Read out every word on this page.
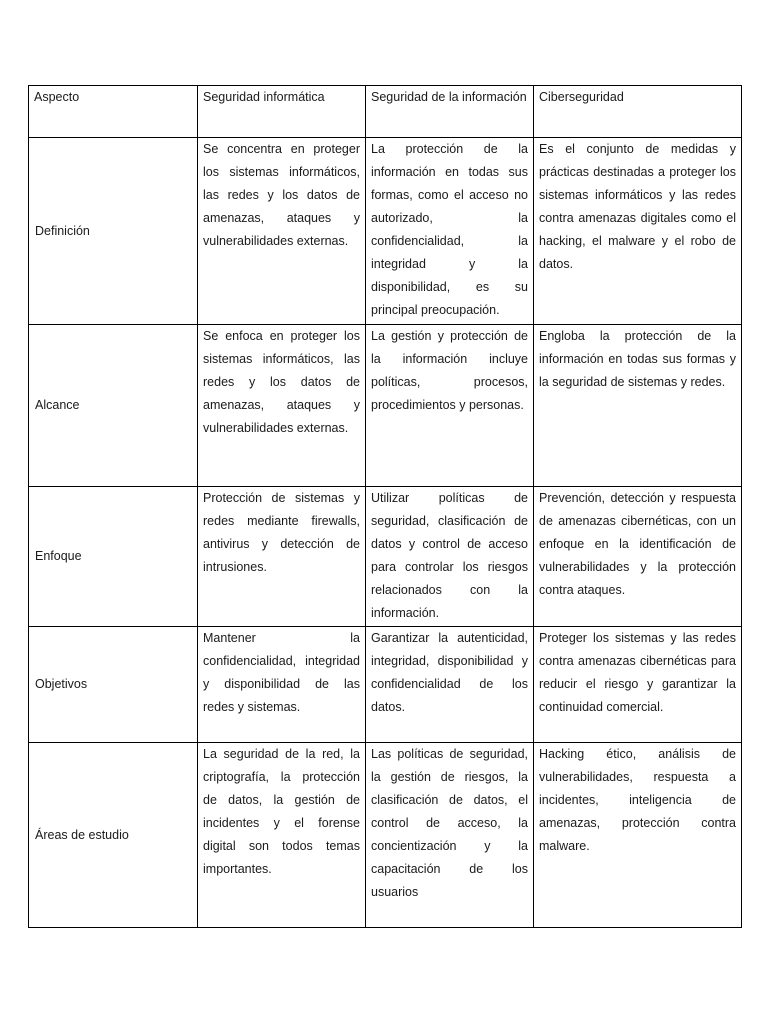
Aspecto	Seguridad informática	Seguridad de la información	Ciberseguridad
Definición	Se concentra en proteger los sistemas informáticos, las redes y los datos de amenazas, ataques y vulnerabilidades externas.	La protección de la información en todas sus formas, como el acceso no autorizado, la confidencialidad, la integridad y la disponibilidad, es su principal preocupación.	Es el conjunto de medidas y prácticas destinadas a proteger los sistemas informáticos y las redes contra amenazas digitales como el hacking, el malware y el robo de datos.
Alcance	Se enfoca en proteger los sistemas informáticos, las redes y los datos de amenazas, ataques y vulnerabilidades externas.	La gestión y protección de la información incluye políticas, procesos, procedimientos y personas.	Engloba la protección de la información en todas sus formas y la seguridad de sistemas y redes.
Enfoque	Protección de sistemas y redes mediante firewalls, antivirus y detección de intrusiones.	Utilizar políticas de seguridad, clasificación de datos y control de acceso para controlar los riesgos relacionados con la información.	Prevención, detección y respuesta de amenazas cibernéticas, con un enfoque en la identificación de vulnerabilidades y la protección contra ataques.
Objetivos	Mantener la confidencialidad, integridad y disponibilidad de las redes y sistemas.	Garantizar la autenticidad, integridad, disponibilidad y confidencialidad de los datos.	Proteger los sistemas y las redes contra amenazas cibernéticas para reducir el riesgo y garantizar la continuidad comercial.
Áreas de estudio	La seguridad de la red, la criptografía, la protección de datos, la gestión de incidentes y el forense digital son todos temas importantes.	Las políticas de seguridad, la gestión de riesgos, la clasificación de datos, el control de acceso, la concientización y la capacitación de los usuarios	Hacking ético, análisis de vulnerabilidades, respuesta a incidentes, inteligencia de amenazas, protección contra malware.
